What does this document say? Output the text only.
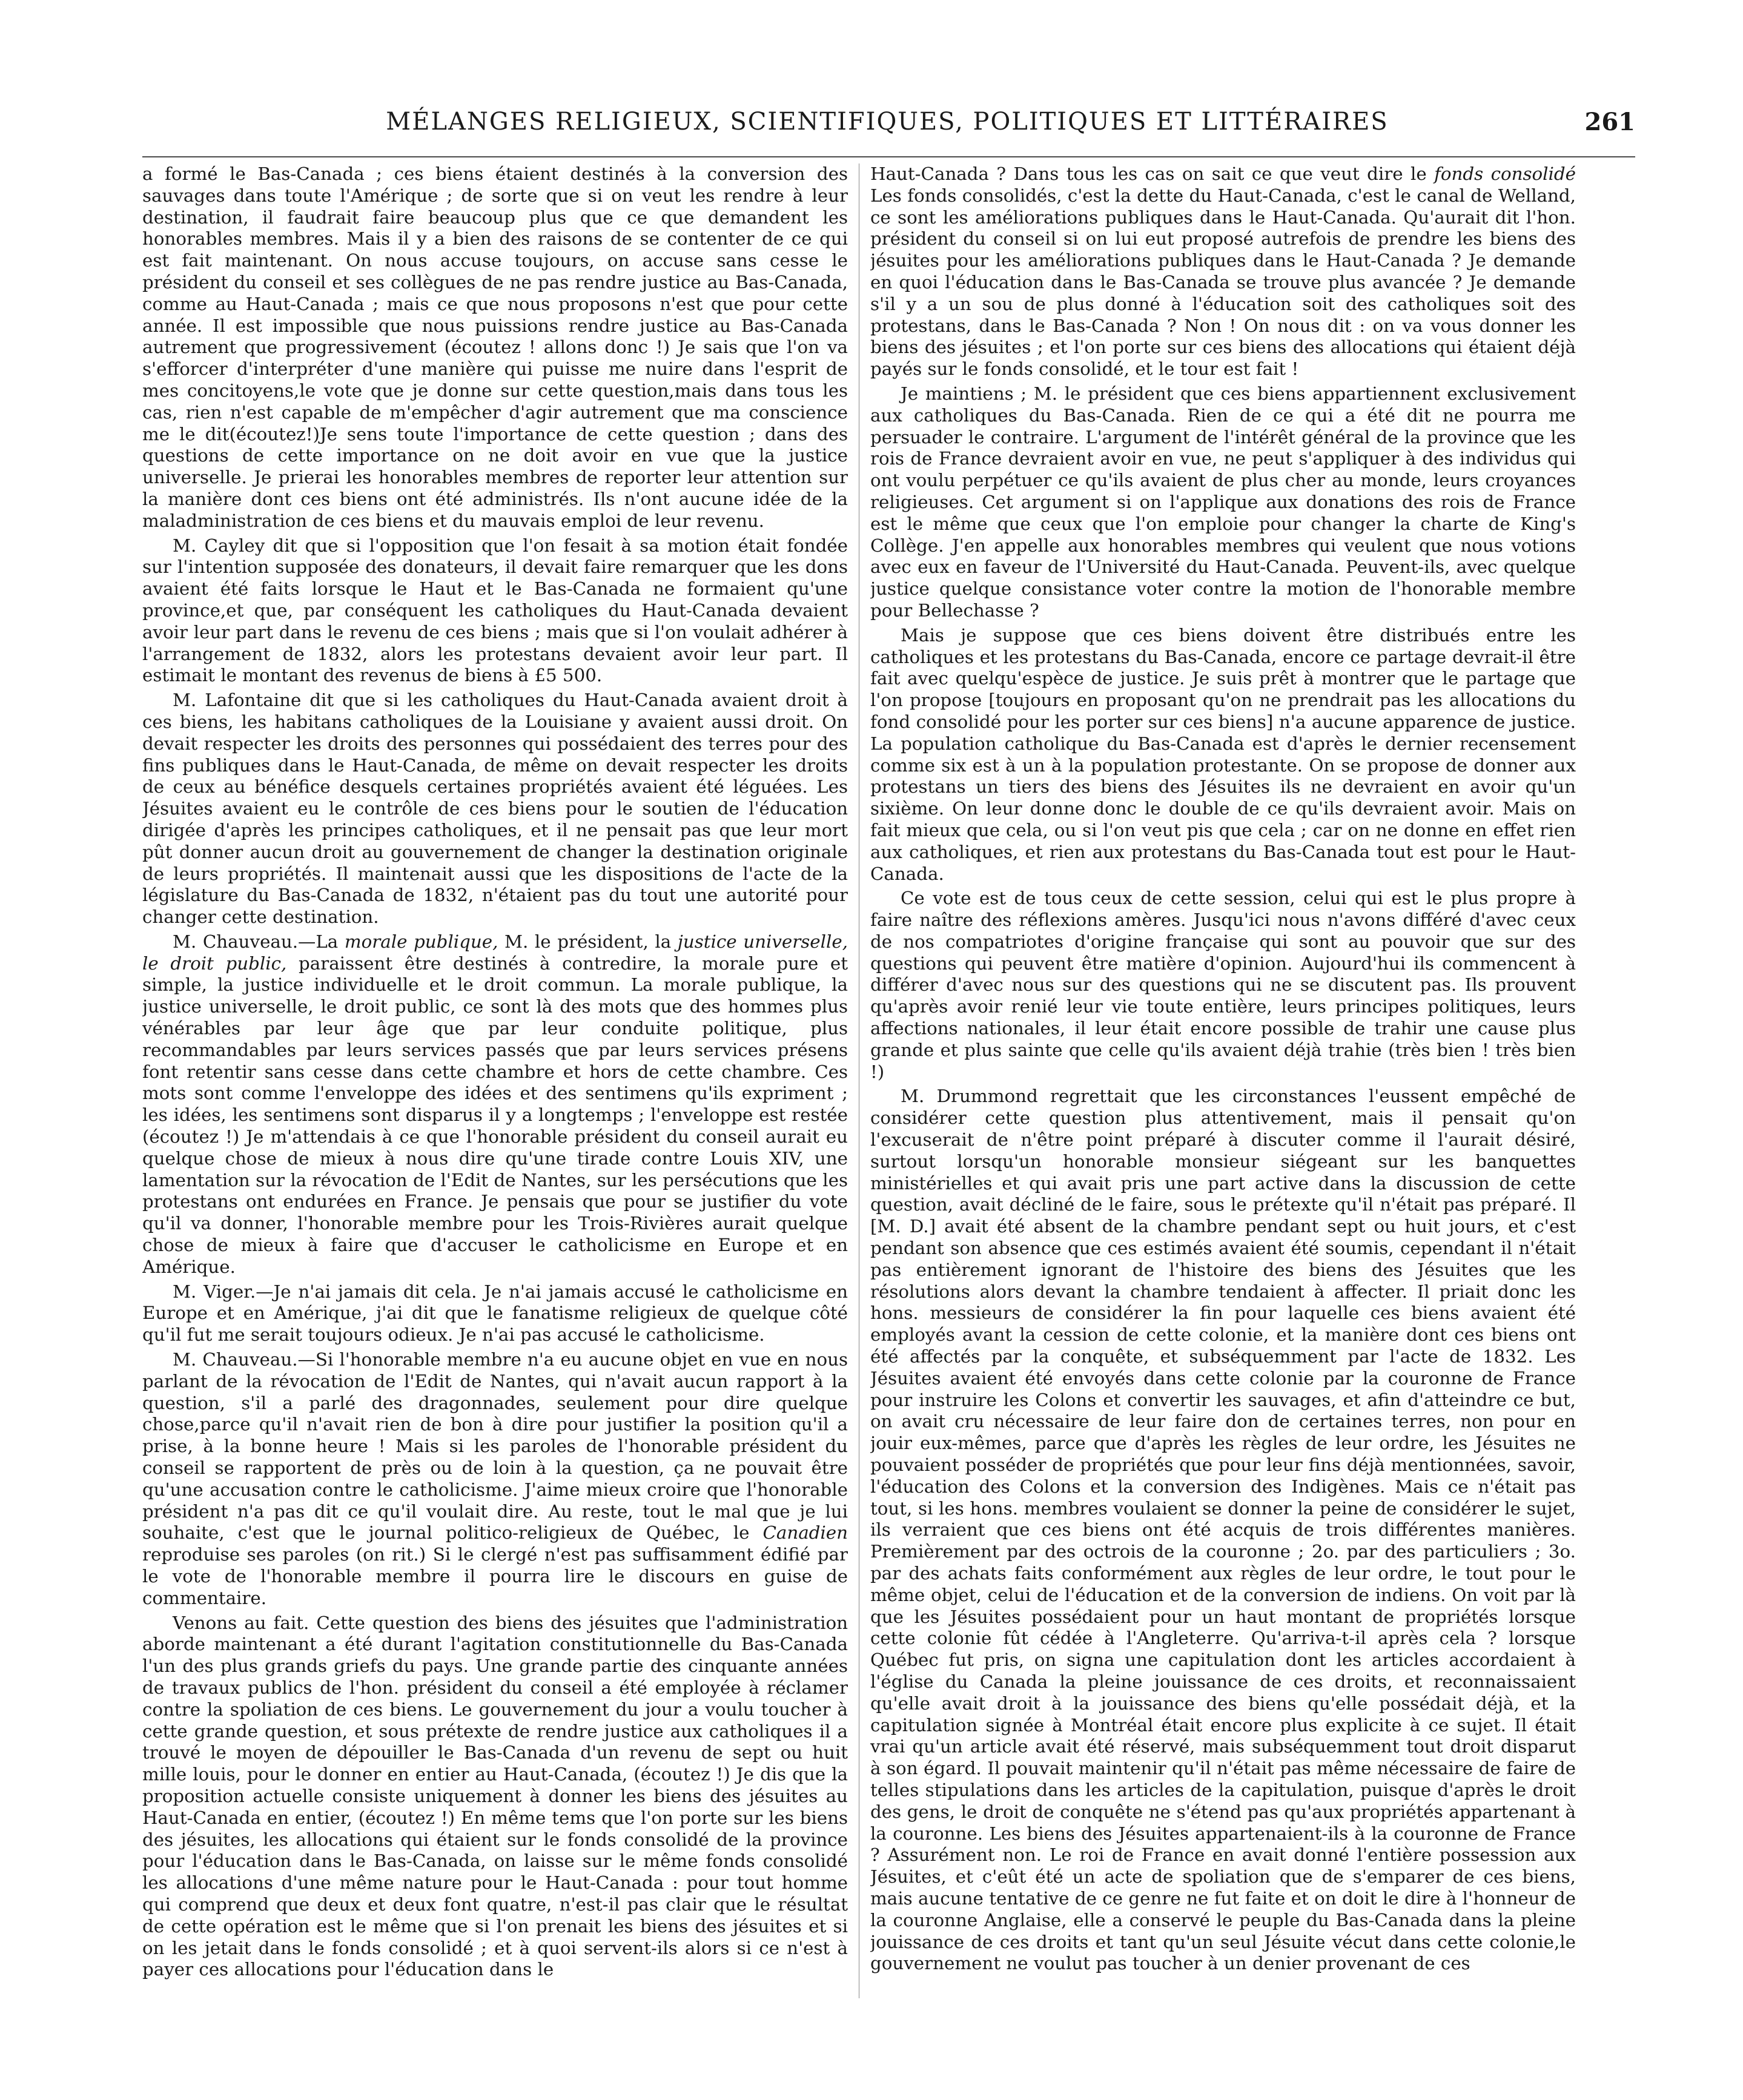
MÉLANGES RELIGIEUX, SCIENTIFIQUES, POLITIQUES ET LITTÉRAIRES	261

a formé le Bas-Canada ; ces biens étaient destinés à la conversion des sauvages dans toute l'Amérique ; de sorte que si on veut les rendre à leur destination, il faudrait faire beaucoup plus que ce que demandent les honorables membres. Mais il y a bien des raisons de se contenter de ce qui est fait maintenant. On nous accuse toujours, on accuse sans cesse le président du conseil et ses collègues de ne pas rendre justice au Bas-Canada, comme au Haut-Canada ; mais ce que nous proposons n'est que pour cette année. Il est impossible que nous puissions rendre justice au Bas-Canada autrement que progressivement (écoutez ! allons donc !) Je sais que l'on va s'efforcer d'interpréter d'une manière qui puisse me nuire dans l'esprit de mes concitoyens,le vote que je donne sur cette question,mais dans tous les cas, rien n'est capable de m'empêcher d'agir autrement que ma conscience me le dit(écoutez!)Je sens toute l'importance de cette question ; dans des questions de cette importance on ne doit avoir en vue que la justice universelle. Je prierai les honorables membres de reporter leur attention sur la manière dont ces biens ont été administrés. Ils n'ont aucune idée de la maladministration de ces biens et du mauvais emploi de leur revenu.

M. Cayley dit que si l'opposition que l'on fesait à sa motion était fondée sur l'intention supposée des donateurs, il devait faire remarquer que les dons avaient été faits lorsque le Haut et le Bas-Canada ne formaient qu'une province,et que, par conséquent les catholiques du Haut-Canada devaient avoir leur part dans le revenu de ces biens ; mais que si l'on voulait adhérer à l'arrangement de 1832, alors les protestans devaient avoir leur part. Il estimait le montant des revenus de biens à £5 500.

M. Lafontaine dit que si les catholiques du Haut-Canada avaient droit à ces biens, les habitans catholiques de la Louisiane y avaient aussi droit. On devait respecter les droits des personnes qui possédaient des terres pour des fins publiques dans le Haut-Canada, de même on devait respecter les droits de ceux au bénéfice desquels certaines propriétés avaient été léguées. Les Jésuites avaient eu le contrôle de ces biens pour le soutien de l'éducation dirigée d'après les principes catholiques, et il ne pensait pas que leur mort pût donner aucun droit au gouvernement de changer la destination originale de leurs propriétés. Il maintenait aussi que les dispositions de l'acte de la législature du Bas-Canada de 1832, n'étaient pas du tout une autorité pour changer cette destination.

M. Chauveau.—La morale publique, M. le président, la justice universelle, le droit public, paraissent être destinés à contredire, la morale pure et simple, la justice individuelle et le droit commun. La morale publique, la justice universelle, le droit public, ce sont là des mots que des hommes plus vénérables par leur âge que par leur conduite politique, plus recommandables par leurs services passés que par leurs services présens font retentir sans cesse dans cette chambre et hors de cette chambre. Ces mots sont comme l'enveloppe des idées et des sentimens qu'ils expriment ; les idées, les sentimens sont disparus il y a longtemps ; l'enveloppe est restée (écoutez !) Je m'attendais à ce que l'honorable président du conseil aurait eu quelque chose de mieux à nous dire qu'une tirade contre Louis XIV, une lamentation sur la révocation de l'Edit de Nantes, sur les persécutions que les protestans ont endurées en France. Je pensais que pour se justifier du vote qu'il va donner, l'honorable membre pour les Trois-Rivières aurait quelque chose de mieux à faire que d'accuser le catholicisme en Europe et en Amérique.

M. Viger.—Je n'ai jamais dit cela. Je n'ai jamais accusé le catholicisme en Europe et en Amérique, j'ai dit que le fanatisme religieux de quelque côté qu'il fut me serait toujours odieux. Je n'ai pas accusé le catholicisme.

M. Chauveau.—Si l'honorable membre n'a eu aucune objet en vue en nous parlant de la révocation de l'Edit de Nantes, qui n'avait aucun rapport à la question, s'il a parlé des dragonnades, seulement pour dire quelque chose,parce qu'il n'avait rien de bon à dire pour justifier la position qu'il a prise, à la bonne heure ! Mais si les paroles de l'honorable président du conseil se rapportent de près ou de loin à la question, ça ne pouvait être qu'une accusation contre le catholicisme. J'aime mieux croire que l'honorable président n'a pas dit ce qu'il voulait dire. Au reste, tout le mal que je lui souhaite, c'est que le journal politico-religieux de Québec, le Canadien reproduise ses paroles (on rit.) Si le clergé n'est pas suffisamment édifié par le vote de l'honorable membre il pourra lire le discours en guise de commentaire.

Venons au fait. Cette question des biens des jésuites que l'administration aborde maintenant a été durant l'agitation constitutionnelle du Bas-Canada l'un des plus grands griefs du pays. Une grande partie des cinquante années de travaux publics de l'hon. président du conseil a été employée à réclamer contre la spoliation de ces biens. Le gouvernement du jour a voulu toucher à cette grande question, et sous prétexte de rendre justice aux catholiques il a trouvé le moyen de dépouiller le Bas-Canada d'un revenu de sept ou huit mille louis, pour le donner en entier au Haut-Canada, (écoutez !) Je dis que la proposition actuelle consiste uniquement à donner les biens des jésuites au Haut-Canada en entier, (écoutez !) En même tems que l'on porte sur les biens des jésuites, les allocations qui étaient sur le fonds consolidé de la province pour l'éducation dans le Bas-Canada, on laisse sur le même fonds consolidé les allocations d'une même nature pour le Haut-Canada : pour tout homme qui comprend que deux et deux font quatre, n'est-il pas clair que le résultat de cette opération est le même que si l'on prenait les biens des jésuites et si on les jetait dans le fonds consolidé ; et à quoi servent-ils alors si ce n'est à payer ces allocations pour l'éducation dans le

Haut-Canada ? Dans tous les cas on sait ce que veut dire le fonds consolidé Les fonds consolidés, c'est la dette du Haut-Canada, c'est le canal de Welland, ce sont les améliorations publiques dans le Haut-Canada. Qu'aurait dit l'hon. président du conseil si on lui eut proposé autrefois de prendre les biens des jésuites pour les améliorations publiques dans le Haut-Canada ? Je demande en quoi l'éducation dans le Bas-Canada se trouve plus avancée ? Je demande s'il y a un sou de plus donné à l'éducation soit des catholiques soit des protestans, dans le Bas-Canada ? Non ! On nous dit : on va vous donner les biens des jésuites ; et l'on porte sur ces biens des allocations qui étaient déjà payés sur le fonds consolidé, et le tour est fait !

Je maintiens ; M. le président que ces biens appartiennent exclusivement aux catholiques du Bas-Canada. Rien de ce qui a été dit ne pourra me persuader le contraire. L'argument de l'intérêt général de la province que les rois de France devraient avoir en vue, ne peut s'appliquer à des individus qui ont voulu perpétuer ce qu'ils avaient de plus cher au monde, leurs croyances religieuses. Cet argument si on l'applique aux donations des rois de France est le même que ceux que l'on emploie pour changer la charte de King's Collège. J'en appelle aux honorables membres qui veulent que nous votions avec eux en faveur de l'Université du Haut-Canada. Peuvent-ils, avec quelque justice quelque consistance voter contre la motion de l'honorable membre pour Bellechasse ?

Mais je suppose que ces biens doivent être distribués entre les catholiques et les protestans du Bas-Canada, encore ce partage devrait-il être fait avec quelqu'espèce de justice. Je suis prêt à montrer que le partage que l'on propose [toujours en proposant qu'on ne prendrait pas les allocations du fond consolidé pour les porter sur ces biens] n'a aucune apparence de justice. La population catholique du Bas-Canada est d'après le dernier recensement comme six est à un à la population protestante. On se propose de donner aux protestans un tiers des biens des Jésuites ils ne devraient en avoir qu'un sixième. On leur donne donc le double de ce qu'ils devraient avoir. Mais on fait mieux que cela, ou si l'on veut pis que cela ; car on ne donne en effet rien aux catholiques, et rien aux protestans du Bas-Canada tout est pour le Haut-Canada.

Ce vote est de tous ceux de cette session, celui qui est le plus propre à faire naître des réflexions amères. Jusqu'ici nous n'avons différé d'avec ceux de nos compatriotes d'origine française qui sont au pouvoir que sur des questions qui peuvent être matière d'opinion. Aujourd'hui ils commencent à différer d'avec nous sur des questions qui ne se discutent pas. Ils prouvent qu'après avoir renié leur vie toute entière, leurs principes politiques, leurs affections nationales, il leur était encore possible de trahir une cause plus grande et plus sainte que celle qu'ils avaient déjà trahie (très bien ! très bien !)

M. Drummond regrettait que les circonstances l'eussent empêché de considérer cette question plus attentivement, mais il pensait qu'on l'excuserait de n'être point préparé à discuter comme il l'aurait désiré, surtout lorsqu'un honorable monsieur siégeant sur les banquettes ministérielles et qui avait pris une part active dans la discussion de cette question, avait décliné de le faire, sous le prétexte qu'il n'était pas préparé. Il [M. D.] avait été absent de la chambre pendant sept ou huit jours, et c'est pendant son absence que ces estimés avaient été soumis, cependant il n'était pas entièrement ignorant de l'histoire des biens des Jésuites que les résolutions alors devant la chambre tendaient à affecter. Il priait donc les hons. messieurs de considérer la fin pour laquelle ces biens avaient été employés avant la cession de cette colonie, et la manière dont ces biens ont été affectés par la conquête, et subséquemment par l'acte de 1832. Les Jésuites avaient été envoyés dans cette colonie par la couronne de France pour instruire les Colons et convertir les sauvages, et afin d'atteindre ce but, on avait cru nécessaire de leur faire don de certaines terres, non pour en jouir eux-mêmes, parce que d'après les règles de leur ordre, les Jésuites ne pouvaient posséder de propriétés que pour leur fins déjà mentionnées, savoir, l'éducation des Colons et la conversion des Indigènes. Mais ce n'était pas tout, si les hons. membres voulaient se donner la peine de considérer le sujet, ils verraient que ces biens ont été acquis de trois différentes manières. Premièrement par des octrois de la couronne ; 2o. par des particuliers ; 3o. par des achats faits conformément aux règles de leur ordre, le tout pour le même objet, celui de l'éducation et de la conversion de indiens. On voit par là que les Jésuites possédaient pour un haut montant de propriétés lorsque cette colonie fût cédée à l'Angleterre. Qu'arriva-t-il après cela ? lorsque Québec fut pris, on signa une capitulation dont les articles accordaient à l'église du Canada la pleine jouissance de ces droits, et reconnaissaient qu'elle avait droit à la jouissance des biens qu'elle possédait déjà, et la capitulation signée à Montréal était encore plus explicite à ce sujet. Il était vrai qu'un article avait été réservé, mais subséquemment tout droit disparut à son égard. Il pouvait maintenir qu'il n'était pas même nécessaire de faire de telles stipulations dans les articles de la capitulation, puisque d'après le droit des gens, le droit de conquête ne s'étend pas qu'aux propriétés appartenant à la couronne. Les biens des Jésuites appartenaient-ils à la couronne de France ? Assurément non. Le roi de France en avait donné l'entière possession aux Jésuites, et c'eût été un acte de spoliation que de s'emparer de ces biens, mais aucune tentative de ce genre ne fut faite et on doit le dire à l'honneur de la couronne Anglaise, elle a conservé le peuple du Bas-Canada dans la pleine jouissance de ces droits et tant qu'un seul Jésuite vécut dans cette colonie,le gouvernement ne voulut pas toucher à un denier provenant de ces
